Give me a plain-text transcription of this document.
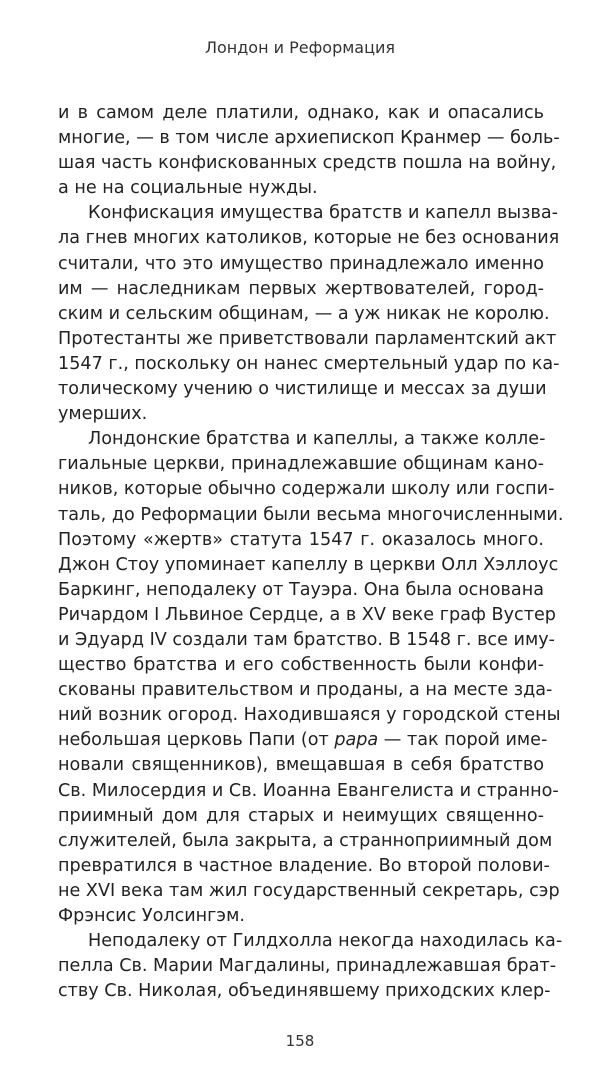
Лондон и Реформация
и в самом деле платили, однако, как и опасались
многие, — в том числе архиепископ Кранмер — боль-
шая часть конфискованных средств пошла на войну,
а не на социальные нужды.
Конфискация имущества братств и капелл вызва-
ла гнев многих католиков, которые не без основания
считали, что это имущество принадлежало именно
им — наследникам первых жертвователей, город-
ским и сельским общинам, — а уж никак не королю.
Протестанты же приветствовали парламентский акт
1547 г., поскольку он нанес смертельный удар по ка-
толическому учению о чистилище и мессах за души
умерших.
Лондонские братства и капеллы, а также колле-
гиальные церкви, принадлежавшие общинам кано-
ников, которые обычно содержали школу или госпи-
таль, до Реформации были весьма многочисленными.
Поэтому «жертв» статута 1547 г. оказалось много.
Джон Стоу упоминает капеллу в церкви Олл Хэллоус
Баркинг, неподалеку от Тауэра. Она была основана
Ричардом I Львиное Сердце, а в XV веке граф Вустер
и Эдуард IV создали там братство. В 1548 г. все иму-
щество братства и его собственность были конфи-
скованы правительством и проданы, а на месте зда-
ний возник огород. Находившаяся у городской стены
небольшая церковь Папи (от papa — так порой име-
новали священников), вмещавшая в себя братство
Св. Милосердия и Св. Иоанна Евангелиста и странно-
приимный дом для старых и неимущих священно-
служителей, была закрыта, а странноприимный дом
превратился в частное владение. Во второй полови-
не XVI века там жил государственный секретарь, сэр
Фрэнсис Уолсингэм.
Неподалеку от Гилдхолла некогда находилась ка-
пелла Св. Марии Магдалины, принадлежавшая брат-
ству Св. Николая, объединявшему приходских клер-
158
